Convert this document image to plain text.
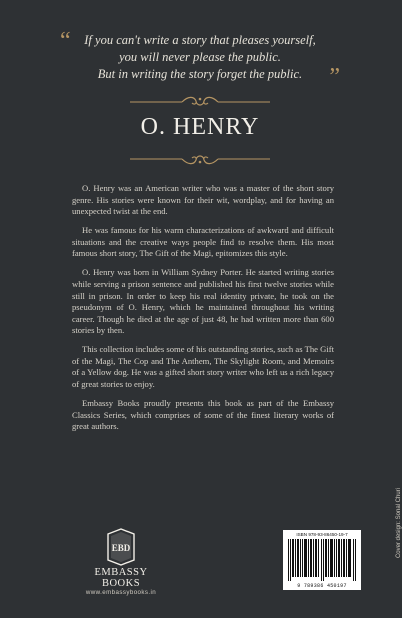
“	If you can't write a story that pleases yourself,
you will never please the public.
But in writing the story forget the public.	”
O. HENRY

O. Henry was an American writer who was a master of the short story genre. His stories were known for their wit, wordplay, and for having an unexpected twist at the end.

He was famous for his warm characterizations of awkward and difficult situations and the creative ways people find to resolve them. His most famous short story, The Gift of the Magi, epitomizes this style.

O. Henry was born in William Sydney Porter. He started writing stories while serving a prison sentence and published his first twelve stories while still in prison. In order to keep his real identity private, he took on the pseudonym of O. Henry, which he maintained throughout his writing career. Though he died at the age of just 48, he had written more than 600 stories by then.

This collection includes some of his outstanding stories, such as The Gift of the Magi, The Cop and The Anthem, The Skylight Room, and Memoirs of a Yellow dog. He was a gifted short story writer who left us a rich legacy of great stories to enjoy.

Embassy Books proudly presents this book as part of the Embassy Classics Series, which comprises of some of the finest literary works of great authors.

Cover design: Sonal Churi
EBD
EMBASSY BOOKS
www.embassybooks.in
ISBN 978-93-86450-19-7
9 789386 450197
